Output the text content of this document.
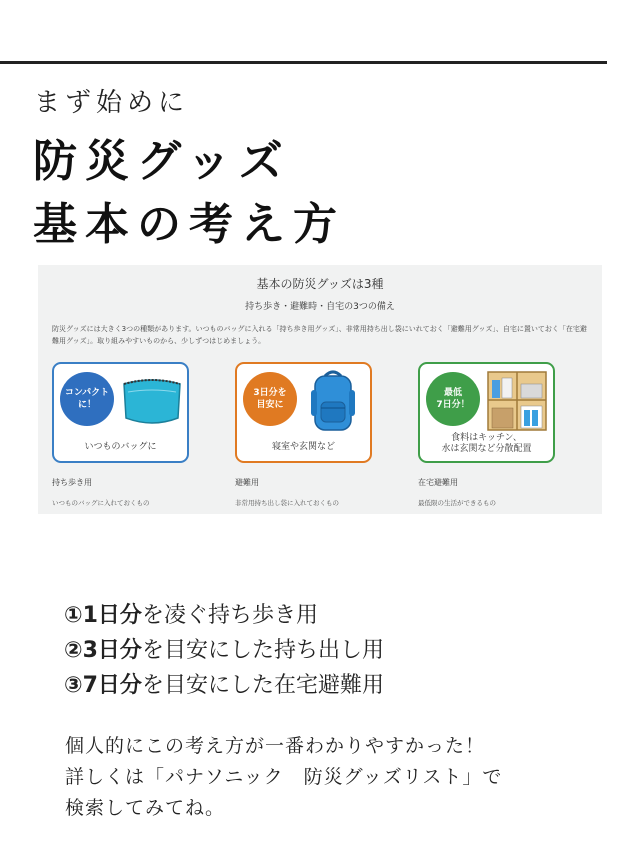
まず始めに
防災グッズ
基本の考え方
基本の防災グッズは3種
持ち歩き・避難時・自宅の3つの備え
防災グッズには大きく3つの種類があります。いつものバッグに入れる「持ち歩き用グッズ」、非常用持ち出し袋にいれておく「避難用グッズ」、自宅に置いておく「在宅避難用グッズ」。取り組みやすいものから、少しずつはじめましょう。
コンパクト
に！
いつものバッグに
3日分を
目安に
寝室や玄関など
最低
7日分！
食料はキッチン、
水は玄関など分散配置
持ち歩き用	避難用	在宅避難用
いつものバッグに入れておくもの	非常用持ち出し袋に入れておくもの	最低限の生活ができるもの
①1日分を凌ぐ持ち歩き用
②3日分を目安にした持ち出し用
③7日分を目安にした在宅避難用
個人的にこの考え方が一番わかりやすかった！
詳しくは「パナソニック　防災グッズリスト」で
検索してみてね。
